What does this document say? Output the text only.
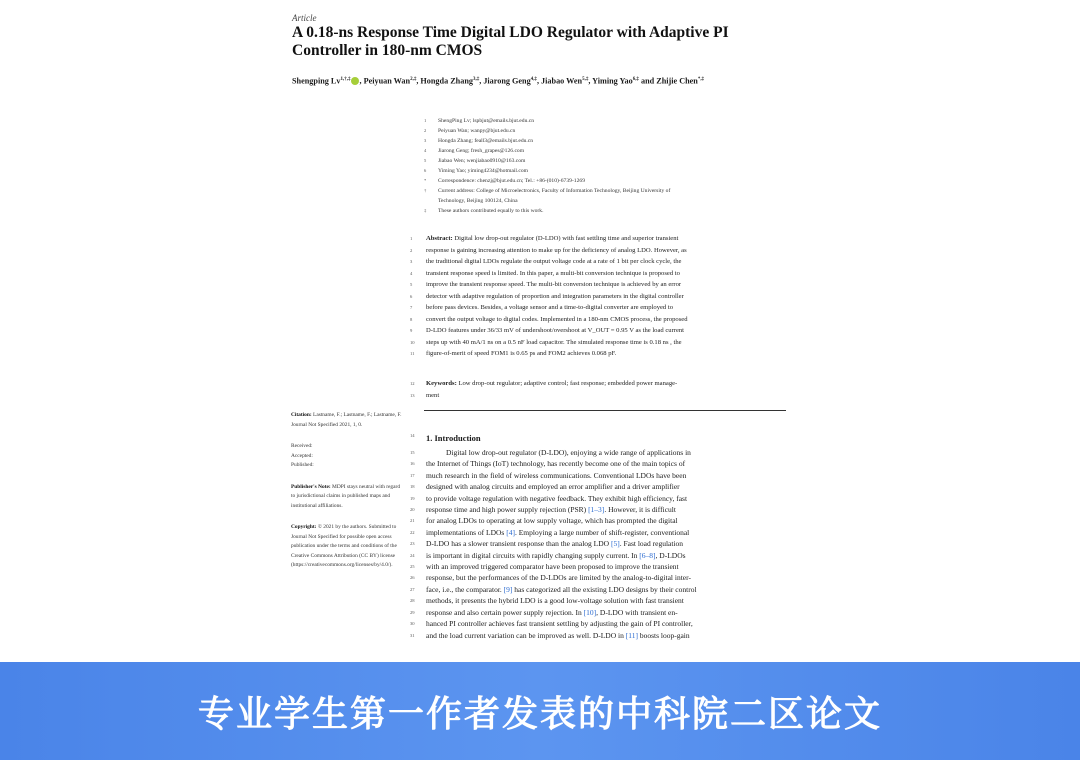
Article
A 0.18-ns Response Time Digital LDO Regulator with Adaptive PI Controller in 180-nm CMOS
Shengping $Lv^{1,\dagger,\ddagger}$ , Peiyuan Wan$^{2,\ddagger}$, Hongda Zhang$^{3,\ddagger}$, Jiarong Geng$^{4,\ddagger}$, Jiabao Wen$^{5,\ddagger}$, Yiming Yao$^{6,\ddagger}$ and Zhijie Chen*,‡
1	ShengPing Lv; lspbjut@emails.bjut.edu.cn
2	Peiyuan Wan; wanpy@bjut.edu.cn
3	Hongda Zhang; feall3@emails.bjut.edu.cn
4	Jiarong Geng; fresh_grapes@126.com
5	Jiabao Wen; wenjiabao0910@163.com
6	Yiming Yao; yiming4234@hotmail.com
*	Correspondence: chenzj@bjut.edu.cn; Tel.: +86-(010)-6739-1269
†	Current address: College of Microelectronics, Faculty of Information Technology, Beijing University of
Technology, Beijing 100124, China
‡	These authors contributed equally to this work.
1	Abstract: Digital low drop-out regulator (D-LDO) with fast settling time and superior transient
2	response is gaining increasing attention to make up for the deficiency of analog LDO. However, as
3	the traditional digital LDOs regulate the output voltage code at a rate of 1 bit per clock cycle, the
4	transient response speed is limited. In this paper, a multi-bit conversion technique is proposed to
5	improve the transient response speed. The multi-bit conversion technique is achieved by an error
6	detector with adaptive regulation of proportion and integration parameters in the digital controller
7	before pass devices. Besides, a voltage sensor and a time-to-digital converter are employed to
8	convert the output voltage to digital codes. Implemented in a 180-nm CMOS process, the proposed
9	D-LDO features under 36/33 mV of undershoot/overshoot at V_OUT = 0.95 V as the load current
10	steps up with 40 mA/1 ns on a 0.5 nF load capacitor. The simulated response time is 0.18 ns , the
11	figure-of-merit of speed FOM1 is 0.65 ps and FOM2 achieves 0.068 pF.
12	Keywords: Low drop-out regulator; adaptive control; fast response; embedded power manage-
13	ment
Citation: Lastname, F.; Lastname, F.; Lastname, F. Journal Not Specified 2021, 1, 0.
Received:
Accepted:
Published:
Publisher's Note: MDPI stays neutral with regard to jurisdictional claims in published maps and institutional affiliations.
Copyright: © 2021 by the authors. Submitted to Journal Not Specified for possible open access publication under the terms and conditions of the Creative Commons Attribution (CC BY) license (https://creativecommons.org/licenses/by/4.0/).
14	1. Introduction
15	Digital low drop-out regulator (D-LDO), enjoying a wide range of applications in
16	the Internet of Things (IoT) technology, has recently become one of the main topics of
17	much research in the field of wireless communications. Conventional LDOs have been
18	designed with analog circuits and employed an error amplifier and a driver amplifier
19	to provide voltage regulation with negative feedback. They exhibit high efficiency, fast
20	response time and high power supply rejection (PSR) [1–3]. However, it is difficult
21	for analog LDOs to operating at low supply voltage, which has prompted the digital
22	implementations of LDOs [4]. Employing a large number of shift-register, conventional
23	D-LDO has a slower transient response than the analog LDO [5]. Fast load regulation
24	is important in digital circuits with rapidly changing supply current. In [6–8], D-LDOs
25	with an improved triggered comparator have been proposed to improve the transient
26	response, but the performances of the D-LDOs are limited by the analog-to-digital inter-
27	face, i.e., the comparator. [9] has categorized all the existing LDO designs by their control
28	methods, it presents the hybrid LDO is a good low-voltage solution with fast transient
29	response and also certain power supply rejection. In [10], D-LDO with transient en-
30	hanced PI controller achieves fast transient settling by adjusting the gain of PI controller,
31	and the load current variation can be improved as well. D-LDO in [11] boosts loop-gain
专业学生第一作者发表的中科院二区论文
